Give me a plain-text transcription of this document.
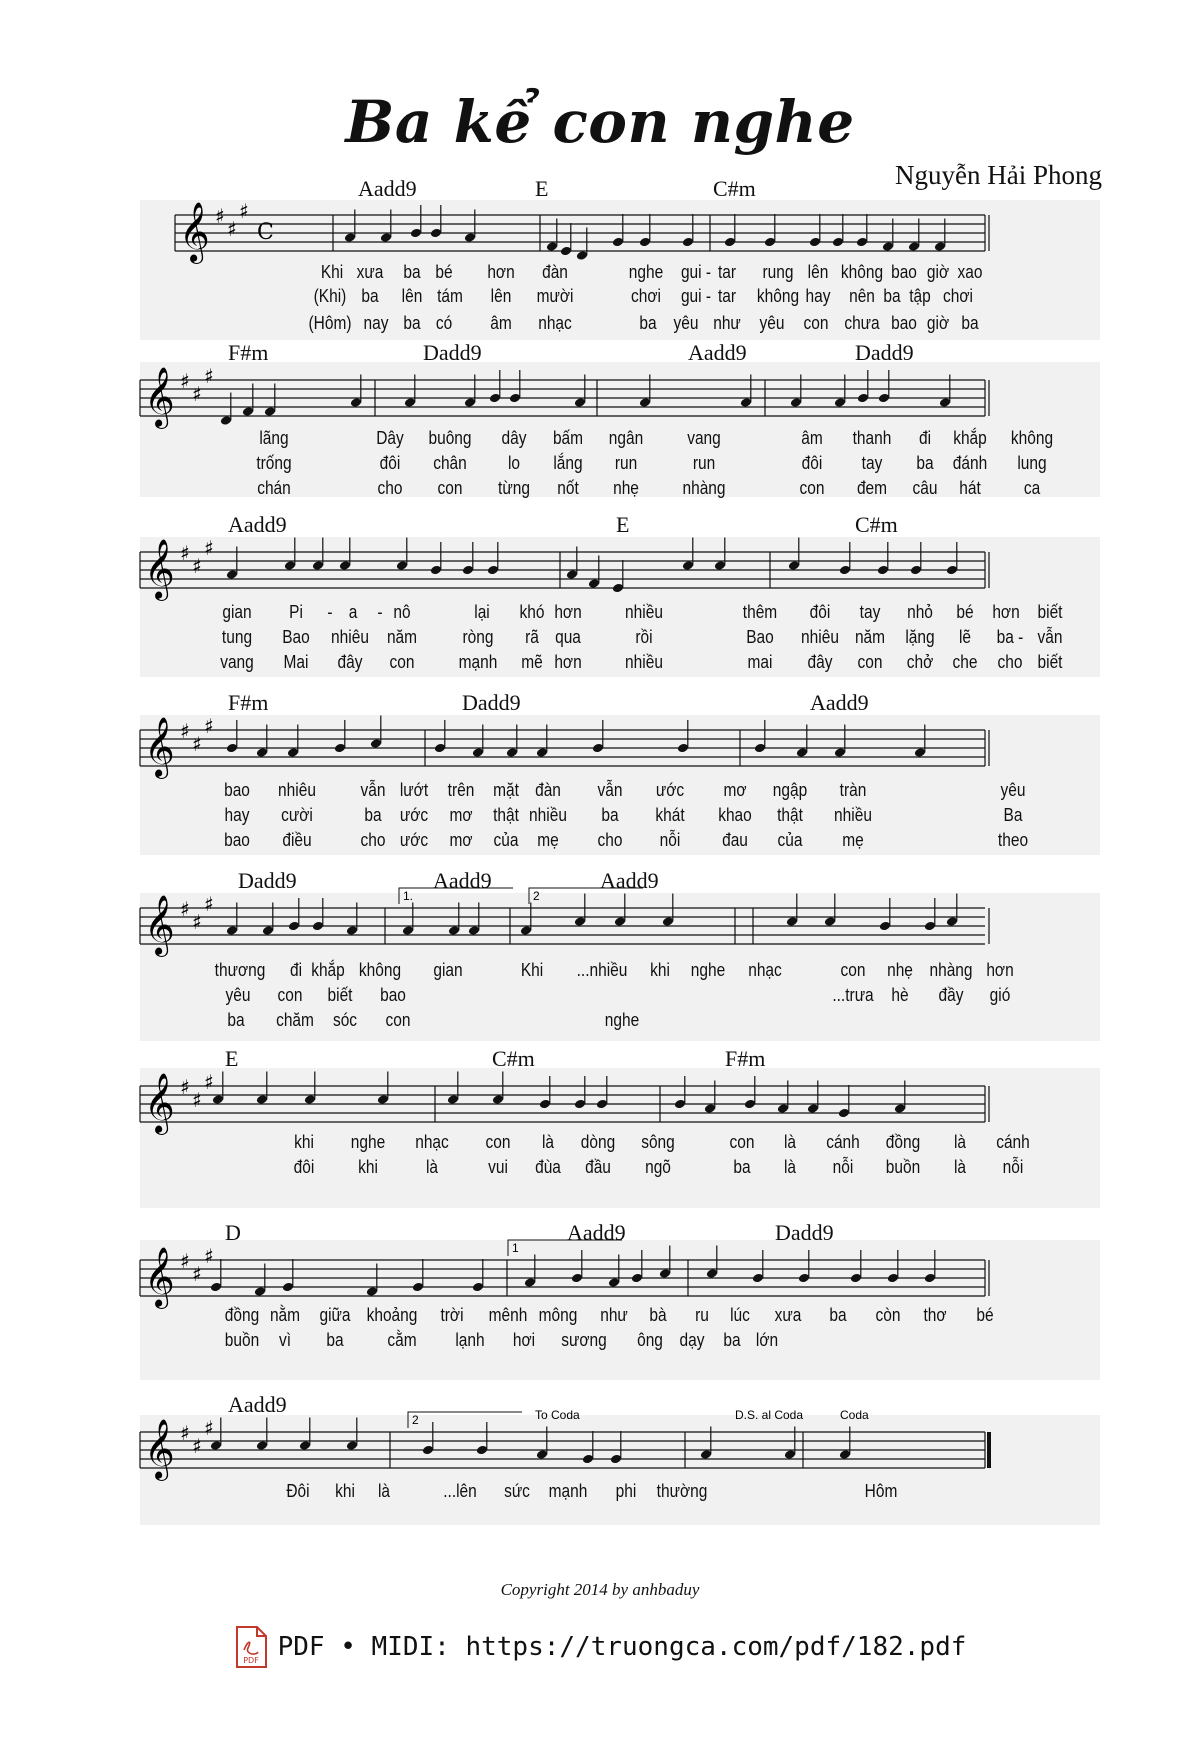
Ba kể con nghe
Nguyễn Hải Phong
Aadd9	E	C#m
𝄞 ♯
♯
♯
C
Khi xưa ba bé hơn đàn	nghe gui - tar rung lên không bao giờ xao
(Khi) ba lên tám lên mười	chơi gui - tar không hay nên ba tập chơi
(Hôm) nay ba có âm nhạc	ba yêu như yêu con chưa bao giờ ba
F#m	Dadd9	Aadd9	Dadd9
𝄞 ♯
♯
♯
lãng	Dây buông dây bấm ngân vang	âm thanh đi khắp không
trống	đôi chân lo lắng run	run	đôi tay ba đánh lung
chán	cho con từng nốt nhẹ nhàng	con đem câu hát ca
Aadd9	E	C#m
𝄞 ♯
♯
♯
gian Pi - a - nô	lại khó hơn nhiều	thêm đôi tay nhỏ bé hơn biết
tung Bao nhiêu năm	ròng rã qua	rồi	Bao nhiêu năm lặng lẽ ba - vẫn
vang Mai đây con mạnh mẽ hơn nhiều	mai đây con chở che cho biết
F#m	Dadd9	Aadd9
𝄞 ♯
♯
♯
bao nhiêu vẫn lướt trên mặt đàn vẫn ước mơ ngập tràn	yêu
hay cười	ba ước mơ thật nhiều ba khát khao thật nhiều	Ba
bao điều	cho ước mơ của mẹ cho nỗi đau của mẹ	theo
Dadd9	Aadd9	Aadd9
𝄞 ♯
♯
♯	1.	2
thương đi khắp không gian	Khi ...nhiều khi nghe nhạc	con nhẹ nhàng hơn
yêu con biết bao	...trưa hè đầy gió
ba chăm sóc con	nghe
E	C#m	F#m
𝄞 ♯
♯
♯
khi nghe nhạc con là dòng sông	con là cánh đồng là cánh
đôi khi	là	vui đùa đầu ngõ	ba là nỗi buồn là nỗi
D	Aadd9	Dadd9
𝄞 ♯
♯
♯	1
đồng nằm giữa khoảng trời mênh mông như bà ru lúc xưa ba còn thơ bé
buồn vì ba cằm lạnh hơi sương ông dạy ba lớn
Aadd9
𝄞 ♯
♯
♯
To Coda	D.S. al Coda	Coda
2
Đôi khi là	...lên sức mạnh phi thường	Hôm
Copyright 2014 by anhbaduy
PDF PDF • MIDI: https://truongca.com/pdf/182.pdf
